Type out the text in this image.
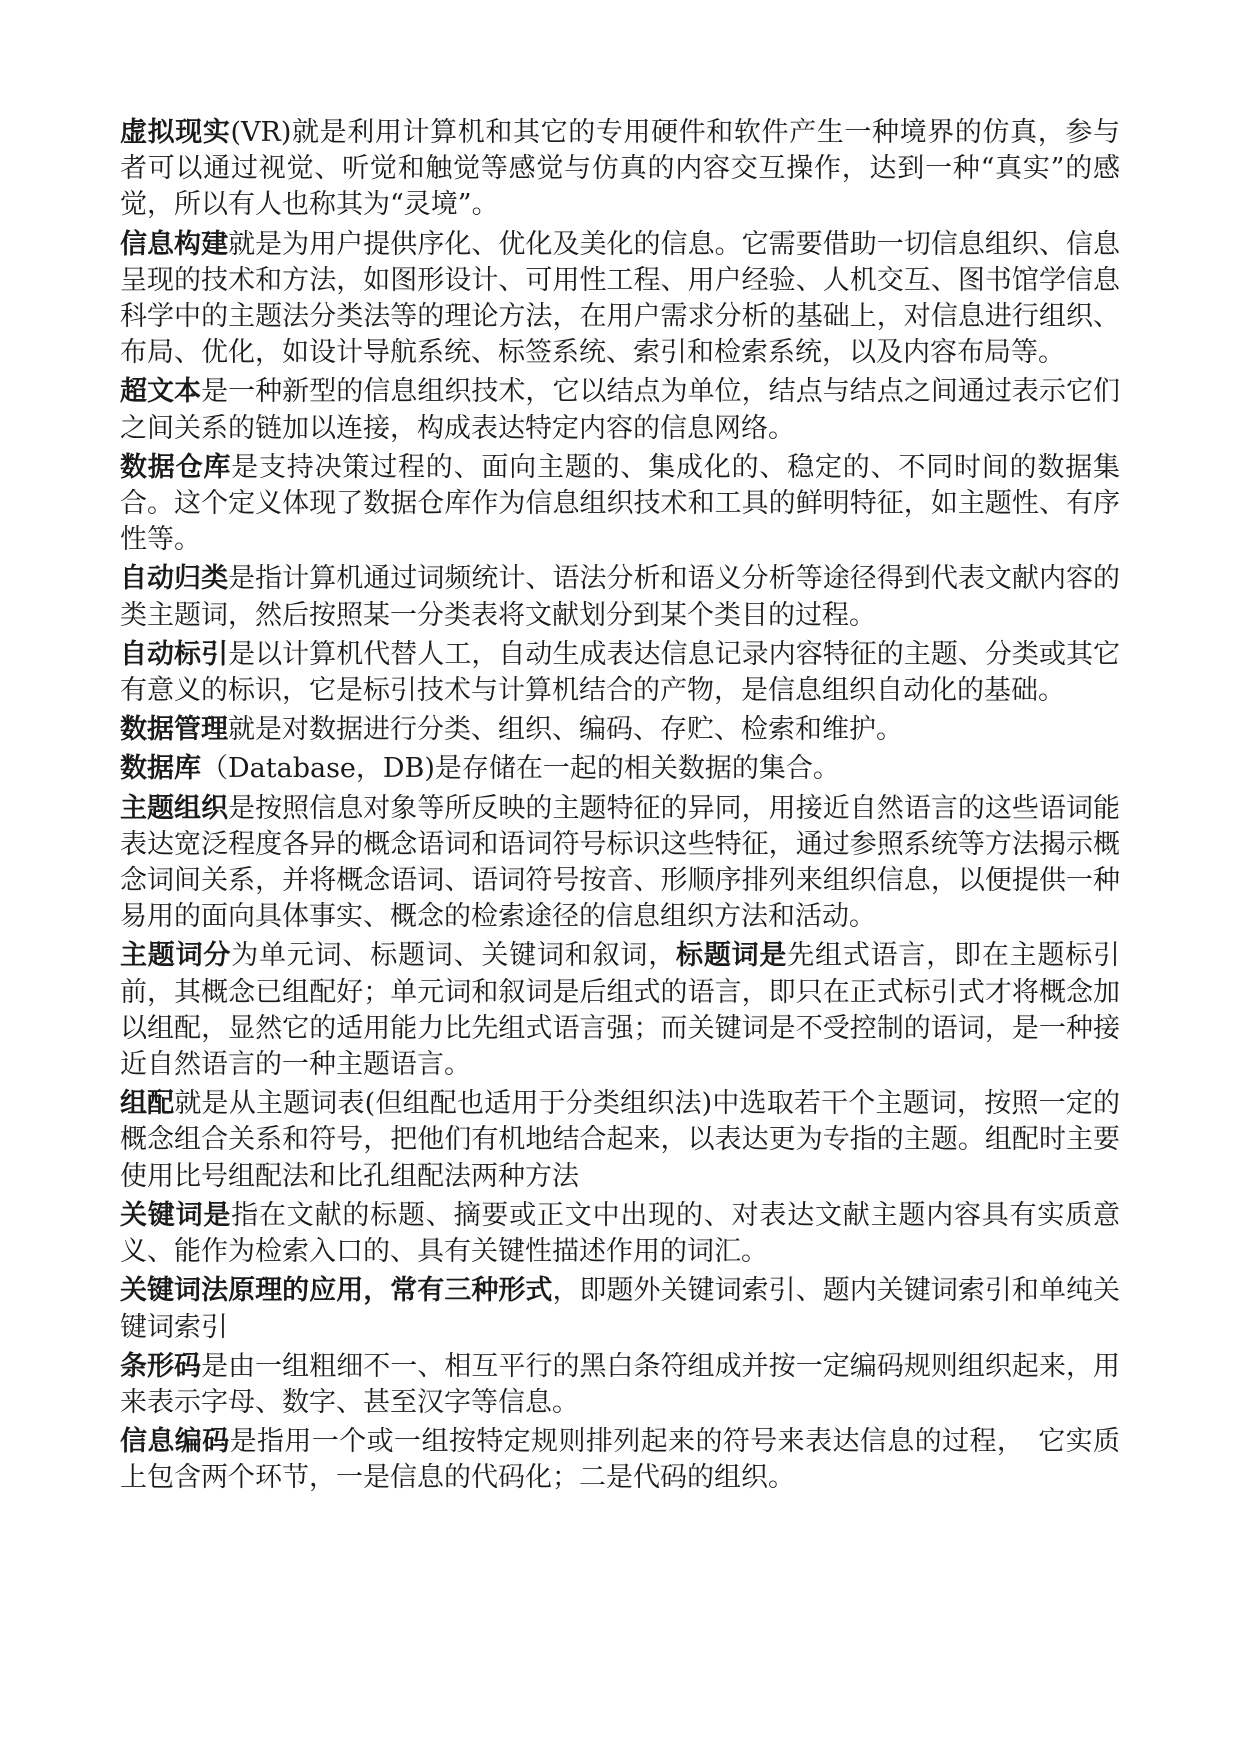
虚拟现实(VR)就是利用计算机和其它的专用硬件和软件产生一种境界的仿真，参与者可以通过视觉、听觉和触觉等感觉与仿真的内容交互操作，达到一种“真实”的感觉，所以有人也称其为“灵境”。

信息构建就是为用户提供序化、优化及美化的信息。它需要借助一切信息组织、信息呈现的技术和方法，如图形设计、可用性工程、用户经验、人机交互、图书馆学信息科学中的主题法分类法等的理论方法，在用户需求分析的基础上，对信息进行组织、布局、优化，如设计导航系统、标签系统、索引和检索系统，以及内容布局等。

超文本是一种新型的信息组织技术，它以结点为单位，结点与结点之间通过表示它们之间关系的链加以连接，构成表达特定内容的信息网络。

数据仓库是支持决策过程的、面向主题的、集成化的、稳定的、不同时间的数据集合。这个定义体现了数据仓库作为信息组织技术和工具的鲜明特征，如主题性、有序性等。

自动归类是指计算机通过词频统计、语法分析和语义分析等途径得到代表文献内容的类主题词，然后按照某一分类表将文献划分到某个类目的过程。

自动标引是以计算机代替人工，自动生成表达信息记录内容特征的主题、分类或其它有意义的标识，它是标引技术与计算机结合的产物，是信息组织自动化的基础。

数据管理就是对数据进行分类、组织、编码、存贮、检索和维护。

数据库（Database，DB)是存储在一起的相关数据的集合。

主题组织是按照信息对象等所反映的主题特征的异同，用接近自然语言的这些语词能表达宽泛程度各异的概念语词和语词符号标识这些特征，通过参照系统等方法揭示概念词间关系，并将概念语词、语词符号按音、形顺序排列来组织信息，以便提供一种易用的面向具体事实、概念的检索途径的信息组织方法和活动。

主题词分为单元词、标题词、关键词和叙词，标题词是先组式语言，即在主题标引前，其概念已组配好；单元词和叙词是后组式的语言，即只在正式标引式才将概念加以组配，显然它的适用能力比先组式语言强；而关键词是不受控制的语词，是一种接近自然语言的一种主题语言。

组配就是从主题词表(但组配也适用于分类组织法)中选取若干个主题词，按照一定的概念组合关系和符号，把他们有机地结合起来，以表达更为专指的主题。组配时主要使用比号组配法和比孔组配法两种方法

关键词是指在文献的标题、摘要或正文中出现的、对表达文献主题内容具有实质意义、能作为检索入口的、具有关键性描述作用的词汇。

关键词法原理的应用，常有三种形式，即题外关键词索引、题内关键词索引和单纯关键词索引

条形码是由一组粗细不一、相互平行的黑白条符组成并按一定编码规则组织起来，用来表示字母、数字、甚至汉字等信息。

信息编码是指用一个或一组按特定规则排列起来的符号来表达信息的过程，　它实质上包含两个环节，一是信息的代码化；二是代码的组织。
